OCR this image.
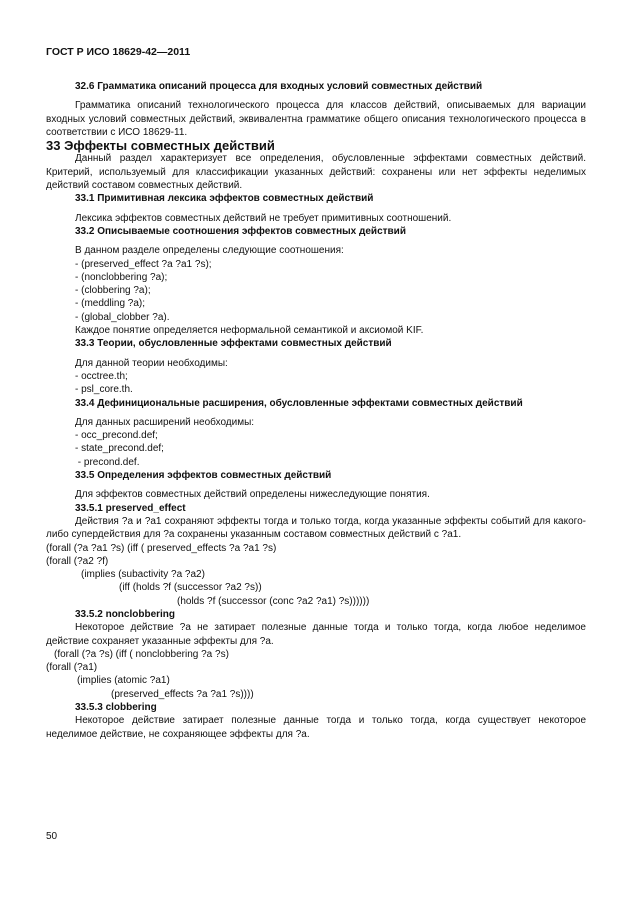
ГОСТ Р ИСО 18629-42—2011

32.6 Грамматика описаний процесса для входных условий совместных действий

Грамматика описаний технологического процесса для классов действий, описываемых для вариации входных условий совместных действий, эквивалентна грамматике общего описания технологического процесса в соответствии с ИСО 18629-11.

33 Эффекты совместных действий

Данный раздел характеризует все определения, обусловленные эффектами совместных действий. Критерий, используемый для классификации указанных действий: сохранены или нет эффекты неделимых действий составом совместных действий.

33.1 Примитивная лексика эффектов совместных действий

Лексика эффектов совместных действий не требует примитивных соотношений.

33.2 Описываемые соотношения эффектов совместных действий

В данном разделе определены следующие соотношения:

- (preserved_effect ?a ?a1 ?s);

- (nonclobbering ?a);

- (clobbering ?a);

- (meddling ?a);

- (global_clobber ?a).

Каждое понятие определяется неформальной семантикой и аксиомой KIF.

33.3 Теории, обусловленные эффектами совместных действий

Для данной теории необходимы:

- occtree.th;

- psl_core.th.

33.4 Дефинициональные расширения, обусловленные эффектами совместных действий

Для данных расширений необходимы:

- occ_precond.def;

- state_precond.def;

- precond.def.

33.5 Определения эффектов совместных действий

Для эффектов совместных действий определены нижеследующие понятия.

33.5.1 preserved_effect

Действия ?a и ?a1 сохраняют эффекты тогда и только тогда, когда указанные эффекты событий для какого-либо супердействия для ?a сохранены указанным составом совместных действий с ?a1.

(forall (?a ?a1 ?s) (iff ( preserved_effects ?a ?a1 ?s)

(forall (?a2 ?f)

(implies (subactivity ?a ?a2)

(iff (holds ?f (successor ?a2 ?s))

(holds ?f (successor (conc ?a2 ?a1) ?s))))))

33.5.2 nonclobbering

Некоторое действие ?a не затирает полезные данные тогда и только тогда, когда любое неделимое действие сохраняет указанные эффекты для ?a.

(forall (?a ?s) (iff ( nonclobbering ?a ?s)

(forall (?a1)

(implies (atomic ?a1)

(preserved_effects ?a ?a1 ?s))))

33.5.3 clobbering

Некоторое действие затирает полезные данные тогда и только тогда, когда существует некоторое неделимое действие, не сохраняющее эффекты для ?a.

50
